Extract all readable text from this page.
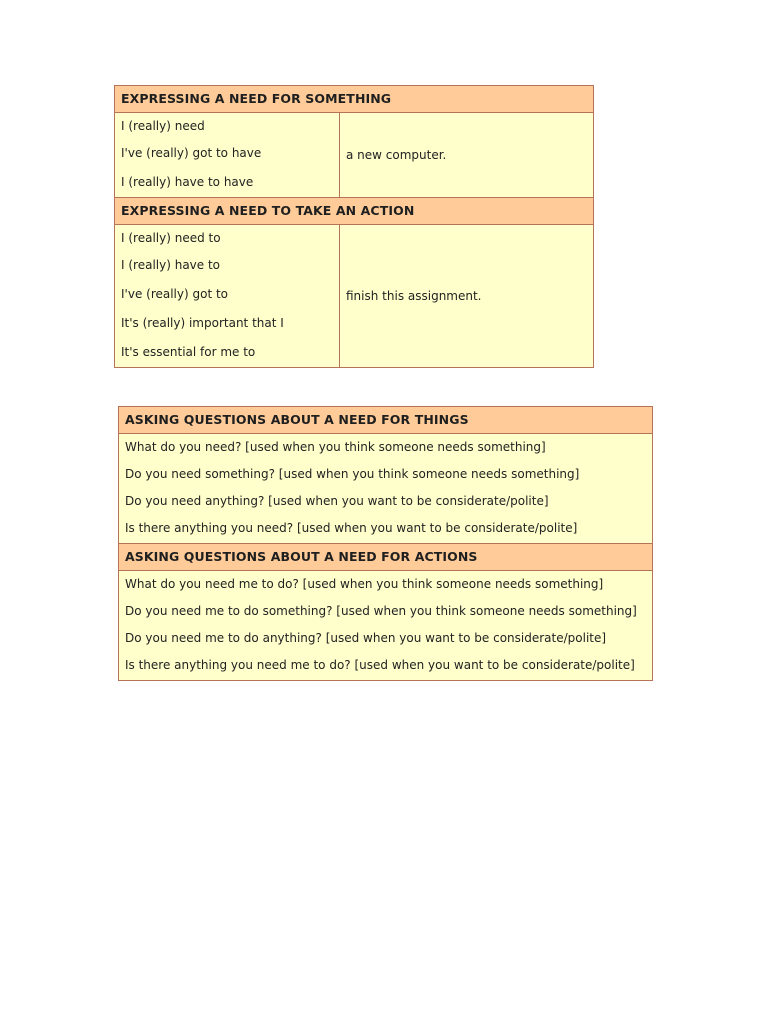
EXPRESSING A NEED FOR SOMETHING
I (really) need
I've (really) got to have
I (really) have to have
a new computer.
EXPRESSING A NEED TO TAKE AN ACTION
I (really) need to
I (really) have to
I've (really) got to
It's (really) important that I
It's essential for me to
finish this assignment.
ASKING QUESTIONS ABOUT A NEED FOR THINGS
What do you need? [used when you think someone needs something]
Do you need something? [used when you think someone needs something]
Do you need anything? [used when you want to be considerate/polite]
Is there anything you need? [used when you want to be considerate/polite]
ASKING QUESTIONS ABOUT A NEED FOR ACTIONS
What do you need me to do? [used when you think someone needs something]
Do you need me to do something? [used when you think someone needs something]
Do you need me to do anything? [used when you want to be considerate/polite]
Is there anything you need me to do? [used when you want to be considerate/polite]
